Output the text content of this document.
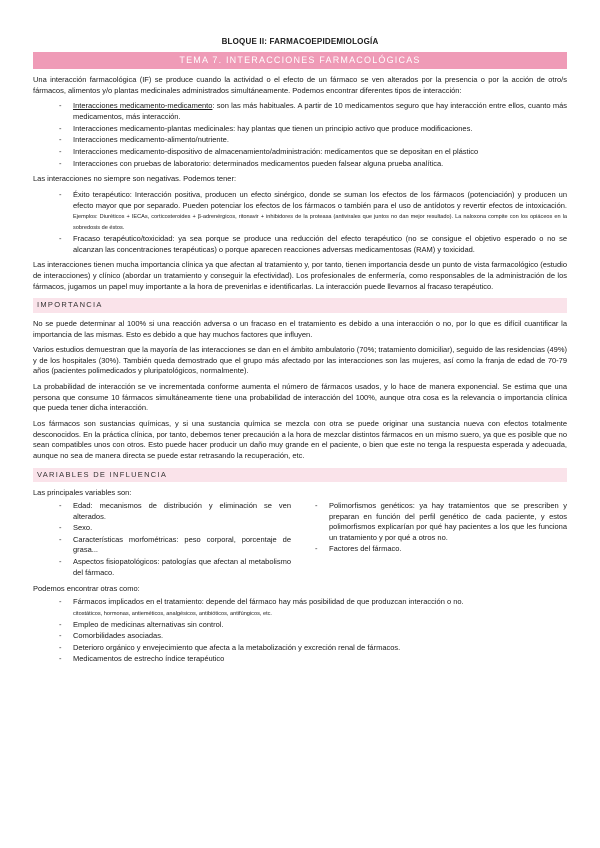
BLOQUE II: FARMACOEPIDEMIOLOGÍA
TEMA 7. INTERACCIONES FARMACOLÓGICAS

Una interacción farmacológica (IF) se produce cuando la actividad o el efecto de un fármaco se ven alterados por la presencia o por la acción de otro/s fármacos, alimentos y/o plantas medicinales administrados simultáneamente. Podemos encontrar diferentes tipos de interacción:

- Interacciones medicamento-medicamento: son las más habituales. A partir de 10 medicamentos seguro que hay interacción entre ellos, cuanto más medicamentos, más interacción.
- Interacciones medicamento-plantas medicinales: hay plantas que tienen un principio activo que produce modificaciones.
- Interacciones medicamento-alimento/nutriente.
- Interacciones medicamento-dispositivo de almacenamiento/administración: medicamentos que se depositan en el plástico
- Interacciones con pruebas de laboratorio: determinados medicamentos pueden falsear alguna prueba analítica.

Las interacciones no siempre son negativas. Podemos tener:

- Éxito terapéutico: Interacción positiva, producen un efecto sinérgico, donde se suman los efectos de los fármacos (potenciación) y producen un efecto mayor que por separado. Pueden potenciar los efectos de los fármacos o también para el uso de antídotos y revertir efectos de intoxicación. Ejemplos: Diuréticos + IECAs, corticosteroides + β-adrenérgicos, ritonavir + inhibidores de la proteasa (antivirales que juntos no dan mejor resultado). La naloxona compite con los opiáceos en la sobredosis de éstos.
- Fracaso terapéutico/toxicidad: ya sea porque se produce una reducción del efecto terapéutico (no se consigue el objetivo esperado o no se alcanzan las concentraciones terapéuticas) o porque aparecen reacciones adversas medicamentosas (RAM) y toxicidad.

Las interacciones tienen mucha importancia clínica ya que afectan al tratamiento y, por tanto, tienen importancia desde un punto de vista farmacológico (estudio de interacciones) y clínico (abordar un tratamiento y conseguir la efectividad). Los profesionales de enfermería, como responsables de la administración de los fármacos, jugamos un papel muy importante a la hora de prevenirlas e identificarlas. La interacción puede llevarnos al fracaso terapéutico.

IMPORTANCIA

No se puede determinar al 100% si una reacción adversa o un fracaso en el tratamiento es debido a una interacción o no, por lo que es difícil cuantificar la importancia de las mismas. Esto es debido a que hay muchos factores que influyen.

Varios estudios demuestran que la mayoría de las interacciones se dan en el ámbito ambulatorio (70%; tratamiento domiciliar), seguido de las residencias (49%) y de los hospitales (30%). También queda demostrado que el grupo más afectado por las interacciones son las mujeres, así como la franja de edad de 70-79 años (pacientes polimedicados y pluripatológicos, normalmente).

La probabilidad de interacción se ve incrementada conforme aumenta el número de fármacos usados, y lo hace de manera exponencial. Se estima que una persona que consume 10 fármacos simultáneamente tiene una probabilidad de interacción del 100%, aunque otra cosa es la relevancia o importancia clínica que pueda tener dicha interacción.

Los fármacos son sustancias químicas, y si una sustancia química se mezcla con otra se puede originar una sustancia nueva con efectos totalmente desconocidos. En la práctica clínica, por tanto, debemos tener precaución a la hora de mezclar distintos fármacos en un mismo suero, ya que es posible que no sean compatibles unos con otros. Esto puede hacer producir un daño muy grande en el paciente, o bien que este no tenga la respuesta esperada y adecuada, aunque no sea de manera directa se puede estar retrasando la recuperación, etc.

VARIABLES DE INFLUENCIA

Las principales variables son:

- Edad: mecanismos de distribución y eliminación se ven alterados.
- Sexo.
- Características morfométricas: peso corporal, porcentaje de grasa...
- Aspectos fisiopatológicos: patologías que afectan al metabolismo del fármaco.
- Polimorfismos genéticos: ya hay tratamientos que se prescriben y preparan en función del perfil genético de cada paciente, y estos polimorfismos explicarían por qué hay pacientes a los que les funciona un tratamiento y por qué a otros no.
- Factores del fármaco.

Podemos encontrar otras como:

- Fármacos implicados en el tratamiento: depende del fármaco hay más posibilidad de que produzcan interacción o no.
citostáticos, hormonas, antieméticos, analgésicos, antibióticos, antifúngicos, etc.
- Empleo de medicinas alternativas sin control.
- Comorbilidades asociadas.
- Deterioro orgánico y envejecimiento que afecta a la metabolización y excreción renal de fármacos.
- Medicamentos de estrecho índice terapéutico
